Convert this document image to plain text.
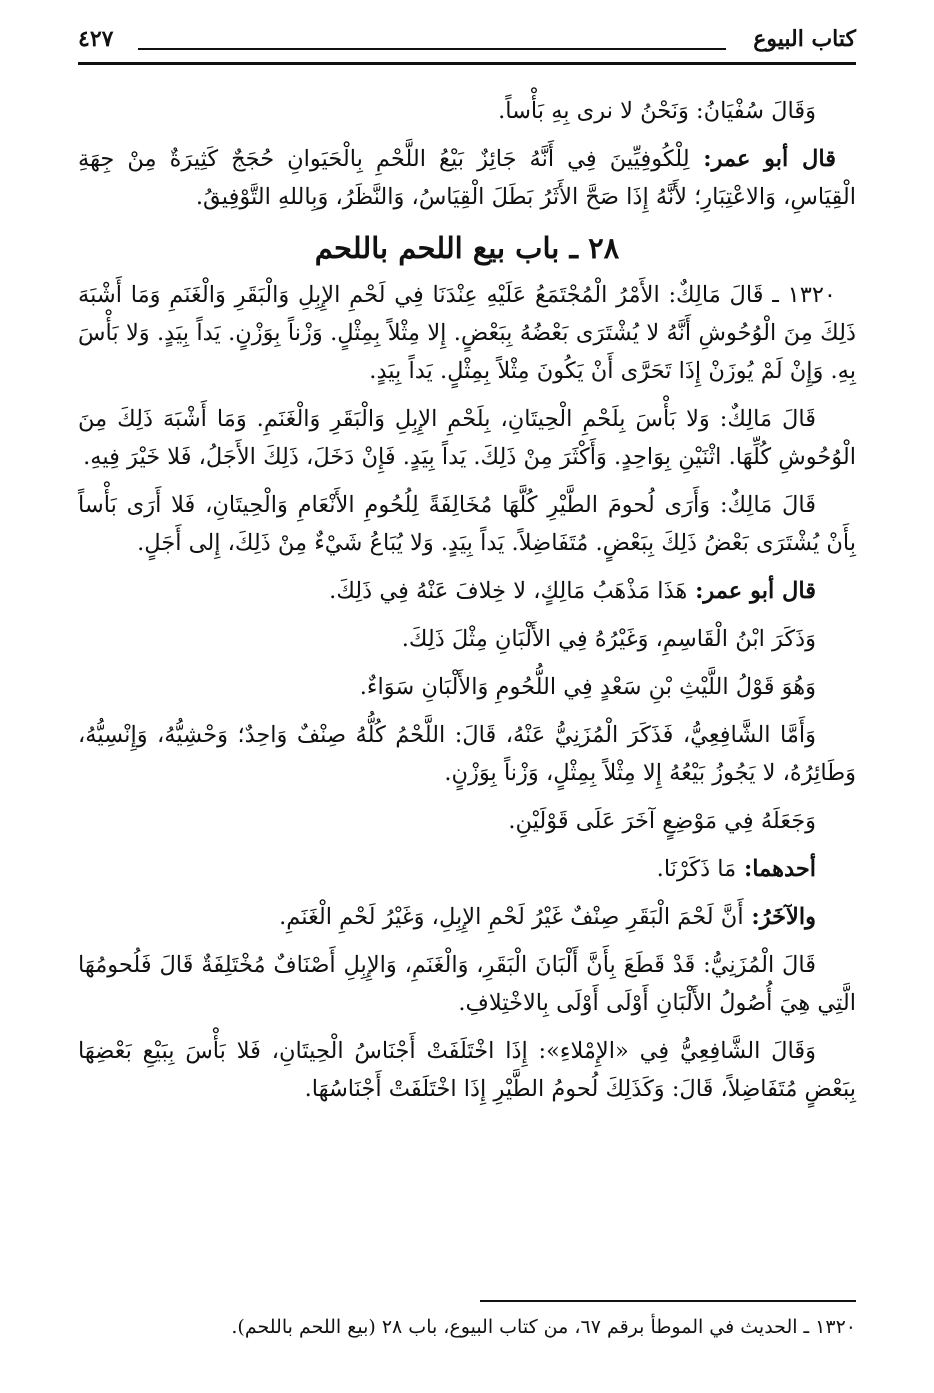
كتاب البيوع
٤٢٧

وَقَالَ سُفْيَانُ: وَنَحْنُ لا نرى بِهِ بَأْساً.

قال أبو عمر: لِلْكُوفِيِّينَ فِي أَنَّهُ جَائِزٌ بَيْعُ اللَّحْمِ بِالْحَيَوانِ حُجَجٌ كَثِيرَةٌ مِنْ جِهَةِ الْقِيَاسِ، وَالاعْتِبَارِ؛ لأَنَّهُ إِذَا صَحَّ الأَثَرُ بَطَلَ الْقِيَاسُ، وَالنَّظَرُ، وَبِاللهِ التَّوْفِيقُ.

٢٨ ـ باب بيع اللحم باللحم

١٣٢٠ ـ قَالَ مَالِكٌ: الأَمْرُ الْمُجْتَمَعُ عَلَيْهِ عِنْدَنَا فِي لَحْمِ الإِبِلِ وَالْبَقَرِ وَالْغَنَمِ وَمَا أَشْبَهَ ذَلِكَ مِنَ الْوُحُوشِ أَنَّهُ لا يُشْتَرَى بَعْضُهُ بِبَعْضٍ. إِلا مِثْلاً بِمِثْلٍ. وَزْناً بِوَزْنٍ. يَداً بِيَدٍ. وَلا بَأْسَ بِهِ. وَإِنْ لَمْ يُوزَنْ إِذَا تَحَرَّى أَنْ يَكُونَ مِثْلاً بِمِثْلٍ. يَداً بِيَدٍ.

قَالَ مَالِكٌ: وَلا بَأْسَ بِلَحْمِ الْحِيتَانِ، بِلَحْمِ الإِبِلِ وَالْبَقَرِ وَالْغَنَمِ. وَمَا أَشْبَهَ ذَلِكَ مِنَ الْوُحُوشِ كُلِّهَا. اثْنَيْنِ بِوَاحِدٍ. وَأَكْثَرَ مِنْ ذَلِكَ. يَداً بِيَدٍ. فَإِنْ دَخَلَ، ذَلِكَ الأَجَلُ، فَلا خَيْرَ فِيهِ.

قَالَ مَالِكٌ: وَأَرَى لُحومَ الطَّيْرِ كُلَّهَا مُخَالِفَةً لِلُحُومِ الأَنْعَامِ وَالْحِيتَانِ، فَلا أَرَى بَأْساً بِأَنْ يُشْتَرَى بَعْضُ ذَلِكَ بِبَعْضٍ. مُتَفَاضِلاً. يَداً بِيَدٍ. وَلا يُبَاعُ شَيْءٌ مِنْ ذَلِكَ، إِلى أَجَلٍ.

قال أبو عمر: هَذَا مَذْهَبُ مَالِكٍ، لا خِلافَ عَنْهُ فِي ذَلِكَ.

وَذَكَرَ ابْنُ الْقَاسِمِ، وَغَيْرُهُ فِي الأَلْبَانِ مِثْلَ ذَلِكَ.

وَهُوَ قَوْلُ اللَّيْثِ بْنِ سَعْدٍ فِي اللُّحُومِ وَالأَلْبَانِ سَوَاءٌ.

وَأَمَّا الشَّافِعِيُّ، فَذَكَرَ الْمُزَنِيُّ عَنْهُ، قَالَ: اللَّحْمُ كُلُّهُ صِنْفٌ وَاحِدٌ؛ وَحْشِيُّهُ، وَإِنْسِيُّهُ، وَطَائِرُهُ، لا يَجُوزُ بَيْعُهُ إِلا مِثْلاً بِمِثْلٍ، وَزْناً بِوَزْنٍ.

وَجَعَلَهُ فِي مَوْضِعٍ آخَرَ عَلَى قَوْلَيْنِ.

أحدهما: مَا ذَكَرْنَا.

والآخَرُ: أَنَّ لَحْمَ الْبَقَرِ صِنْفٌ غَيْرُ لَحْمِ الإِبِلِ، وَغَيْرُ لَحْمِ الْغَنَمِ.

قَالَ الْمُزَنِيُّ: قَدْ قَطَعَ بِأَنَّ أَلْبَانَ الْبَقَرِ، وَالْغَنَمِ، وَالإِبِلِ أَصْنَافٌ مُخْتَلِفَةٌ قَالَ فَلُحومُهَا الَّتِي هِيَ أُصُولُ الأَلْبَانِ أَوْلَى أَوْلَى بِالاخْتِلافِ.

وَقَالَ الشَّافِعِيُّ فِي «الإِمْلاءِ»: إِذَا اخْتَلَفَتْ أَجْنَاسُ الْحِيتَانِ، فَلا بَأْسَ بِبَيْعِ بَعْضِهَا بِبَعْضٍ مُتَفَاضِلاً، قَالَ: وَكَذَلِكَ لُحومُ الطَّيْرِ إِذَا اخْتَلَفَتْ أَجْنَاسُهَا.

١٣٢٠ ـ الحديث في الموطأ برقم ٦٧، من كتاب البيوع، باب ٢٨ (بيع اللحم باللحم).
